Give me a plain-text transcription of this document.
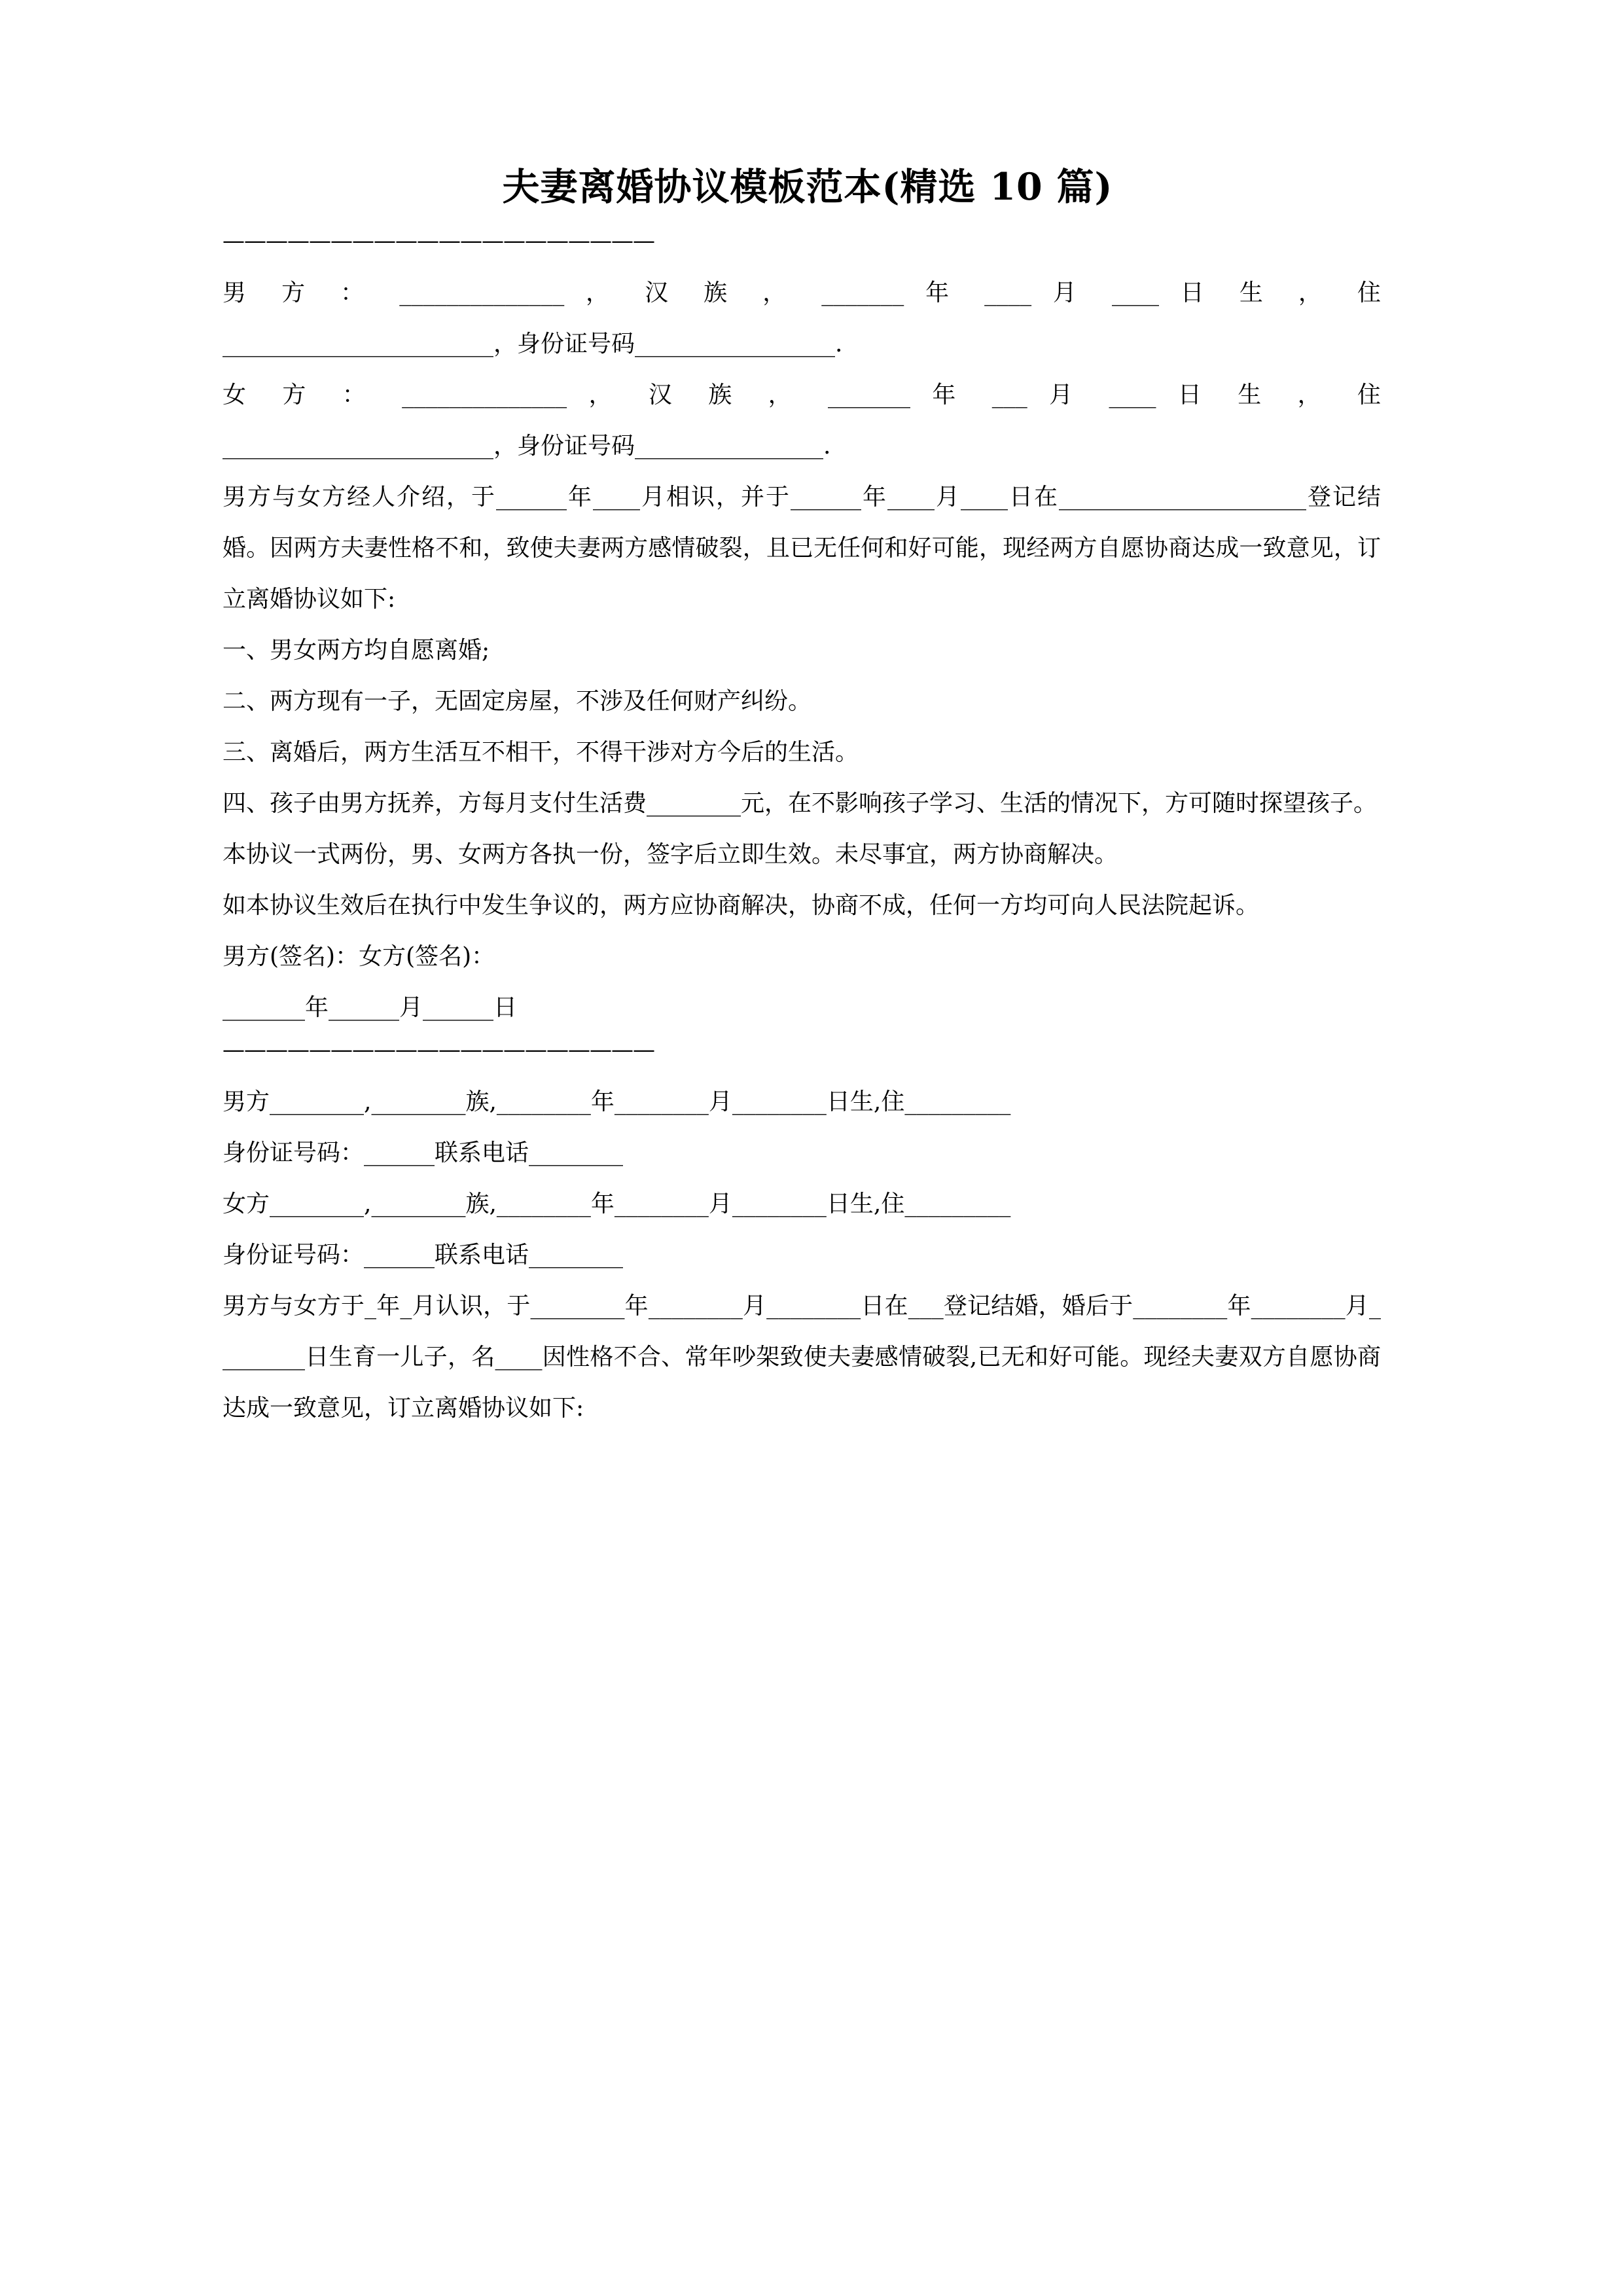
夫妻离婚协议模板范本(精选 10 篇)
————————————————————

男 方 ： ______________ ， 汉 族 ， _______ 年 ____ 月 ____ 日 生 ， 住

_______________________，身份证号码_________________.

女 方 ： ______________ ， 汉 族 ， _______ 年 ___ 月 ____ 日 生 ， 住

_______________________，身份证号码________________.

男方与女方经人介绍，于______年____月相识，并于______年____月____日在_____________________登记结婚。因两方夫妻性格不和，致使夫妻两方感情破裂，且已无任何和好可能，现经两方自愿协商达成一致意见，订立离婚协议如下:

一、男女两方均自愿离婚;

二、两方现有一子，无固定房屋，不涉及任何财产纠纷。

三、离婚后，两方生活互不相干，不得干涉对方今后的生活。

四、孩子由男方抚养，方每月支付生活费________元，在不影响孩子学习、生活的情况下，方可随时探望孩子。

本协议一式两份，男、女两方各执一份，签字后立即生效。未尽事宜，两方协商解决。

如本协议生效后在执行中发生争议的，两方应协商解决，协商不成，任何一方均可向人民法院起诉。

男方(签名)：女方(签名)：

_______年______月______日

————————————————————

男方________,________族,________年________月________日生,住_________

身份证号码：______联系电话________

女方________,________族,________年________月________日生,住_________

身份证号码：______联系电话________

男方与女方于_年_月认识，于________年________月________日在___登记结婚，婚后于________年________月________日生育一儿子，名____因性格不合、常年吵架致使夫妻感情破裂,已无和好可能。现经夫妻双方自愿协商达成一致意见，订立离婚协议如下:
